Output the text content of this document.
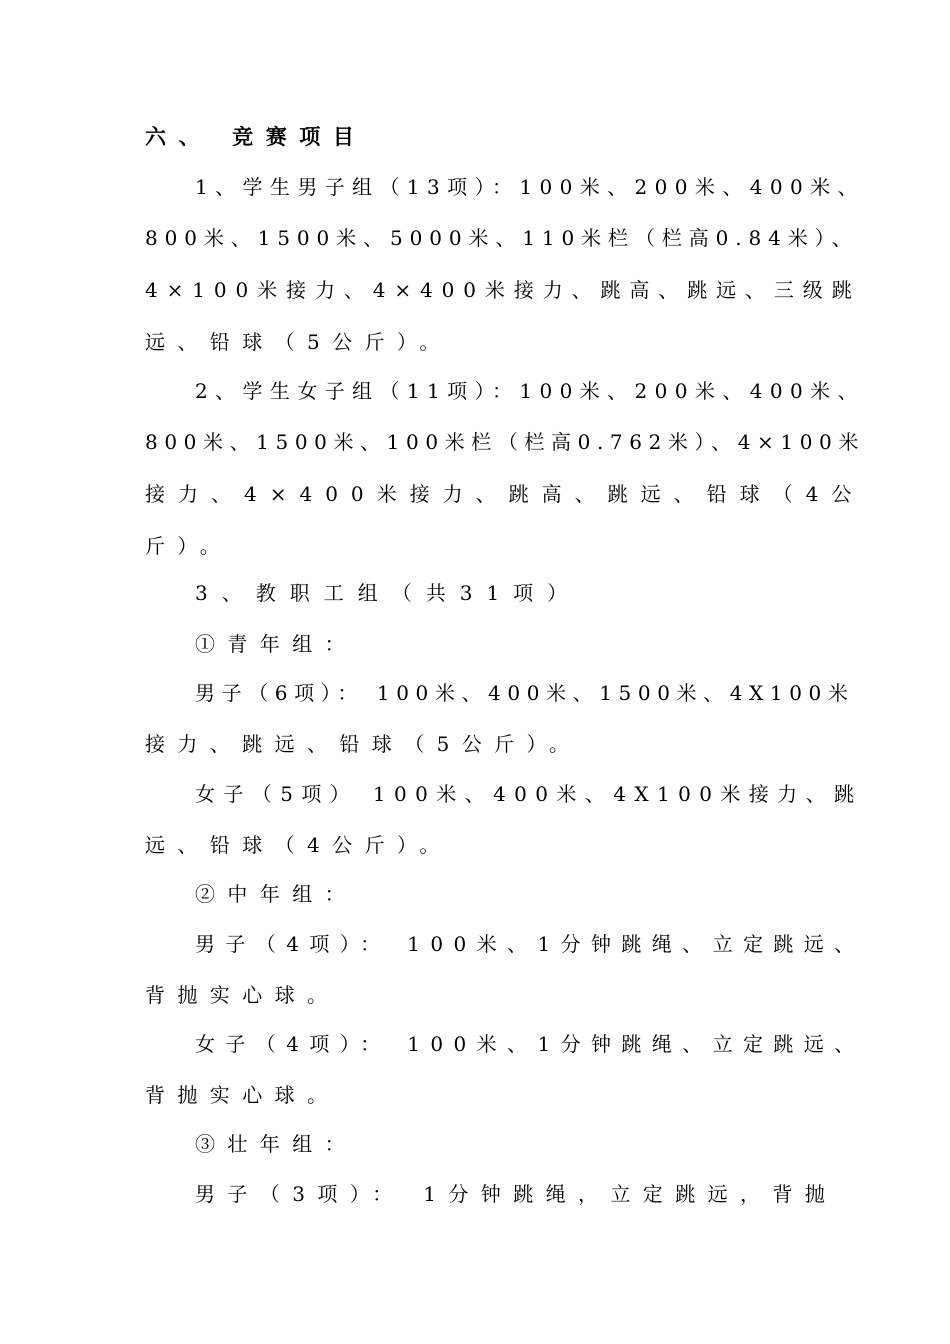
六、 竞赛项目

1、学生男子组（13项）：100米、200米、400米、

800米、1500米、5000米、110米栏（栏高0.84米）、

4×100米接力、4×400米接力、跳高、跳远、三级跳

远、铅球（5公斤）。

2、学生女子组（11项）：100米、200米、400米、

800米、1500米、100米栏（栏高0.762米）、4×100米

接力、4×400米接力、跳高、跳远、铅球（4公

斤）。

3、教职工组（共31项）

①青年组：

男子（6项）： 100米、400米、1500米、4X100米

接力、跳远、铅球（5公斤）。

女子（5项） 100米、400米、4X100米接力、跳

远、铅球（4公斤）。

②中年组：

男子（4项）： 100米、1分钟跳绳、立定跳远、

背抛实心球。

女子（4项）： 100米、1分钟跳绳、立定跳远、

背抛实心球。

③壮年组：

男子（3项）： 1分钟跳绳，立定跳远，背抛
